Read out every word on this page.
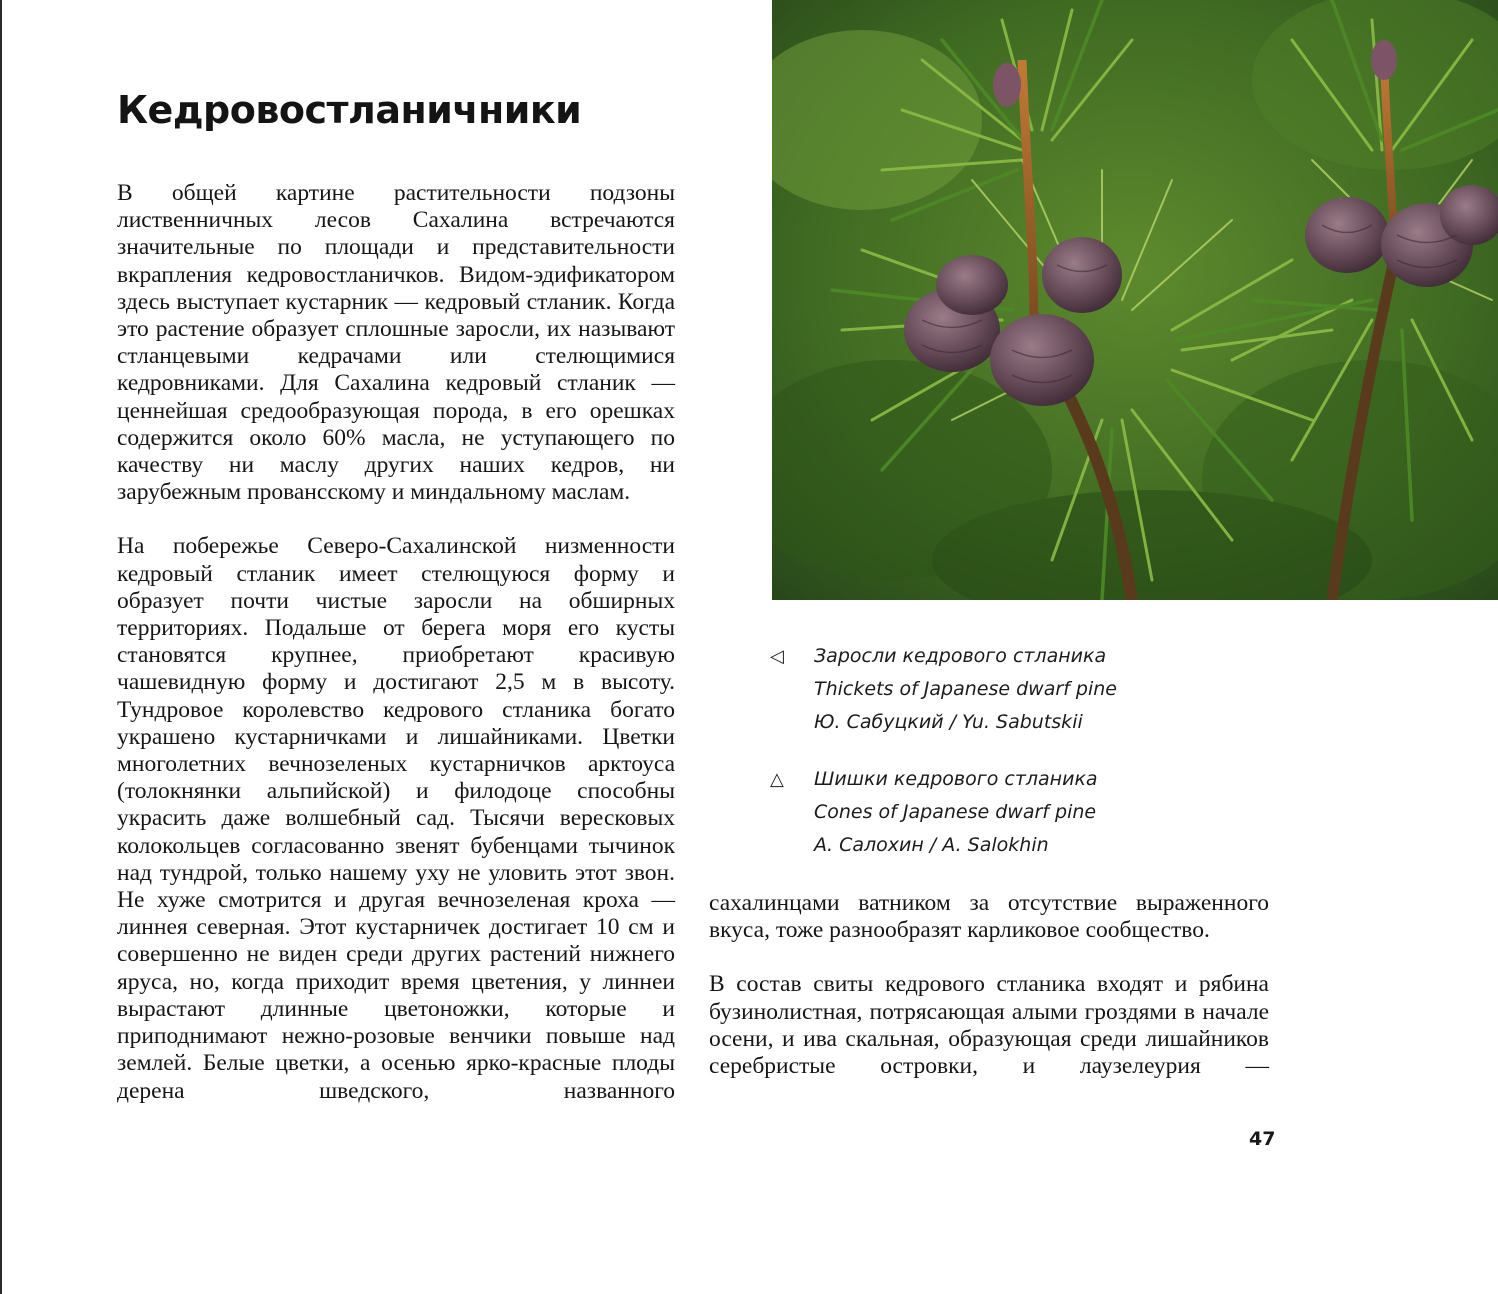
Кедровостланичники

В общей картине растительности подзоны лиственничных лесов Сахалина встречаются значительные по площади и представительности вкрапления кедровостланичков. Видом-эдификатором здесь выступает кустарник — кедровый стланик. Когда это растение образует сплошные заросли, их называют стланцевыми кедрачами или стелющимися кедровниками. Для Сахалина кедровый стланик — ценнейшая средообразующая порода, в его орешках содержится около 60% масла, не уступающего по качеству ни маслу других наших кедров, ни зарубежным провансскому и миндальному маслам.

На побережье Северо-Сахалинской низменности кедровый стланик имеет стелющуюся форму и образует почти чистые заросли на обширных территориях. Подальше от берега моря его кусты становятся крупнее, приобретают красивую чашевидную форму и достигают 2,5 м в высоту. Тундровое королевство кедрового стланика богато украшено кустарничками и лишайниками. Цветки многолетних вечнозеленых кустарничков арктоуса (толокнянки альпийской) и филодоце способны украсить даже волшебный сад. Тысячи вересковых колокольцев согласованно звенят бубенцами тычинок над тундрой, только нашему уху не уловить этот звон. Не хуже смотрится и другая вечнозеленая кроха — линнея северная. Этот кустарничек достигает 10 см и совершенно не виден среди других растений нижнего яруса, но, когда приходит время цветения, у линнеи вырастают длинные цветоножки, которые и приподнимают нежно-розовые венчики повыше над землей. Белые цветки, а осенью ярко-красные плоды дерена шведского, названного

◁	Заросли кедрового стланика
Thickets of Japanese dwarf pine
Ю. Сабуцкий / Yu. Sabutskii
△	Шишки кедрового стланика
Cones of Japanese dwarf pine
А. Салохин / A. Salokhin

сахалинцами ватником за отсутствие выраженного вкуса, тоже разнообразят карликовое сообщество.

В состав свиты кедрового стланика входят и рябина бузинолистная, потрясающая алыми гроздями в начале осени, и ива скальная, образующая среди лишайников серебристые островки, и лаузелеурия —

47
